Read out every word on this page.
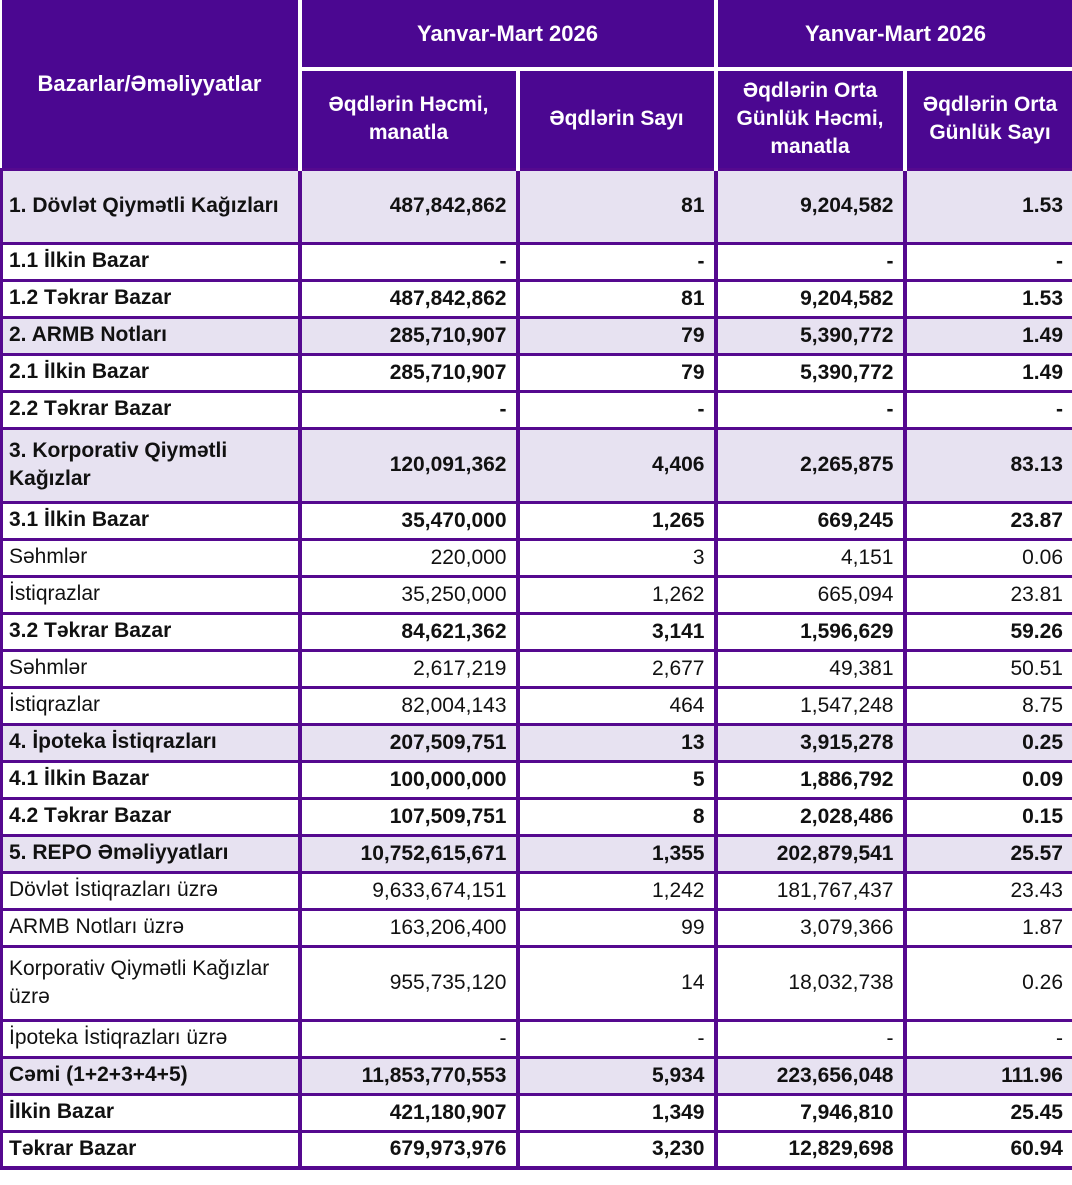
Bazarlar/Əməliyyatlar	Yanvar-Mart 2026		Yanvar-Mart 2026	
	Əqdlərin Həcmi, manatla	Əqdlərin Sayı	Əqdlərin Orta Günlük Həcmi, manatla	Əqdlərin Orta Günlük Sayı
1. Dövlət Qiymətli Kağızları	487,842,862	81	9,204,582	1.53
1.1 İlkin Bazar	-	-	-	-
1.2 Təkrar Bazar	487,842,862	81	9,204,582	1.53
2. ARMB Notları	285,710,907	79	5,390,772	1.49
2.1 İlkin Bazar	285,710,907	79	5,390,772	1.49
2.2 Təkrar Bazar	-	-	-	-
3. Korporativ Qiymətli Kağızlar	120,091,362	4,406	2,265,875	83.13
3.1 İlkin Bazar	35,470,000	1,265	669,245	23.87
Səhmlər	220,000	3	4,151	0.06
İstiqrazlar	35,250,000	1,262	665,094	23.81
3.2 Təkrar Bazar	84,621,362	3,141	1,596,629	59.26
Səhmlər	2,617,219	2,677	49,381	50.51
İstiqrazlar	82,004,143	464	1,547,248	8.75
4. İpoteka İstiqrazları	207,509,751	13	3,915,278	0.25
4.1 İlkin Bazar	100,000,000	5	1,886,792	0.09
4.2 Təkrar Bazar	107,509,751	8	2,028,486	0.15
5. REPO Əməliyyatları	10,752,615,671	1,355	202,879,541	25.57
Dövlət İstiqrazları üzrə	9,633,674,151	1,242	181,767,437	23.43
ARMB Notları üzrə	163,206,400	99	3,079,366	1.87
Korporativ Qiymətli Kağızlar üzrə	955,735,120	14	18,032,738	0.26
İpoteka İstiqrazları üzrə	-	-	-	-
Cəmi (1+2+3+4+5)	11,853,770,553	5,934	223,656,048	111.96
İlkin Bazar	421,180,907	1,349	7,946,810	25.45
Təkrar Bazar	679,973,976	3,230	12,829,698	60.94
